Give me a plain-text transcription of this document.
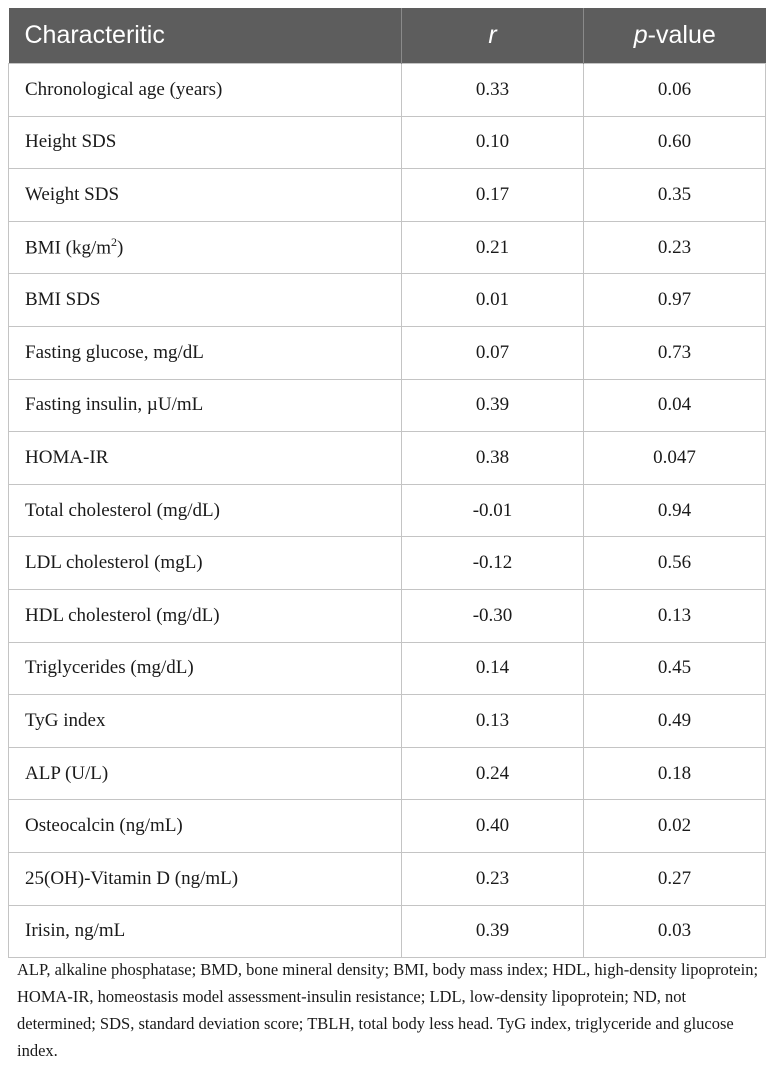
Characteritic	r	p-value
Chronological age (years)	0.33	0.06
Height SDS	0.10	0.60
Weight SDS	0.17	0.35
BMI $(kg/m^2)$	0.21	0.23
BMI SDS	0.01	0.97
Fasting glucose, mg/dL	0.07	0.73
Fasting insulin, µU/mL	0.39	0.04
HOMA-IR	0.38	0.047
Total cholesterol (mg/dL)	-0.01	0.94
LDL cholesterol (mgL)	-0.12	0.56
HDL cholesterol (mg/dL)	-0.30	0.13
Triglycerides (mg/dL)	0.14	0.45
TyG index	0.13	0.49
ALP (U/L)	0.24	0.18
Osteocalcin (ng/mL)	0.40	0.02
25(OH)-Vitamin D (ng/mL)	0.23	0.27
Irisin, ng/mL	0.39	0.03
ALP, alkaline phosphatase; BMD, bone mineral density; BMI, body mass index; HDL, high-density lipoprotein; HOMA-IR, homeostasis model assessment-insulin resistance; LDL, low-density lipoprotein; ND, not determined; SDS, standard deviation score; TBLH, total body less head. TyG index, triglyceride and glucose index.
